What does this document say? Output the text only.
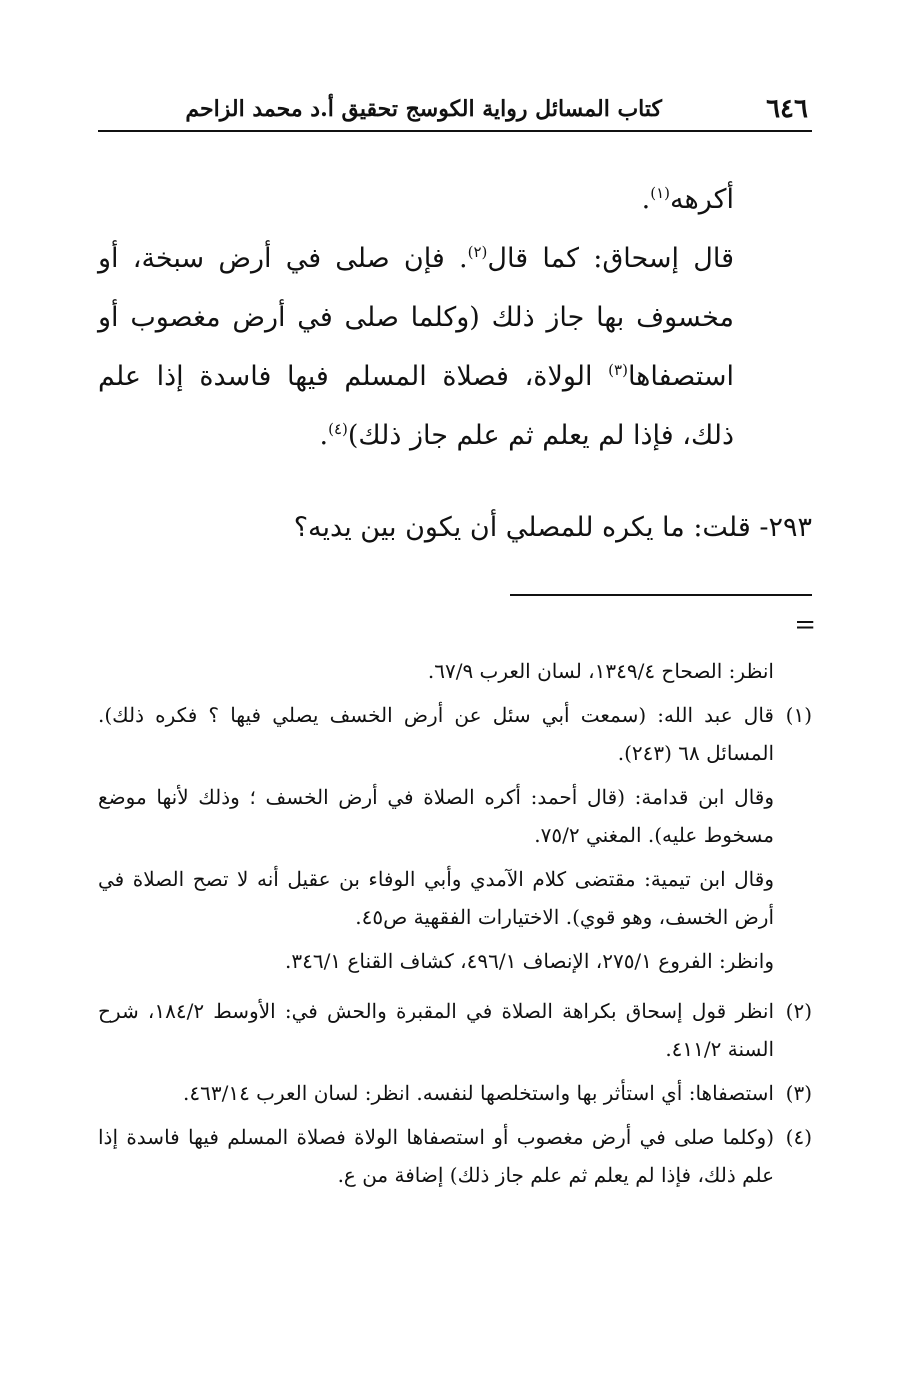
٦٤٦
كتاب المسائل رواية الكوسج تحقيق أ.د محمد الزاحم

أكرهه$^{(١)}$.

قال إسحاق: كما قال$^{(٢)}$. فإن صلى في أرض سبخة، أو مخسوف بها جاز ذلك (وكلما صلى في أرض مغصوب أو استصفاها$^{(٣)}$ الولاة، فصلاة المسلم فيها فاسدة إذا علم ذلك، فإذا لم يعلم ثم علم جاز ذلك)$^{(٤)}$.

٢٩٣- قلت: ما يكره للمصلي أن يكون بين يديه؟
=

انظر: الصحاح ١٣٤٩/٤، لسان العرب ٦٧/٩.

(١)

قال عبد الله: (سمعت أبي سئل عن أرض الخسف يصلي فيها ؟ فكره ذلك). المسائل ٦٨ (٢٤٣).

وقال ابن قدامة: (قال أحمد: أكره الصلاة في أرض الخسف ؛ وذلك لأنها موضع مسخوط عليه). المغني ٧٥/٢.

وقال ابن تيمية: مقتضى كلام الآمدي وأبي الوفاء بن عقيل أنه لا تصح الصلاة في أرض الخسف، وهو قوي). الاختيارات الفقهية ص٤٥.

وانظر: الفروع ٢٧٥/١، الإنصاف ٤٩٦/١، كشاف القناع ٣٤٦/١.

(٢)
انظر قول إسحاق بكراهة الصلاة في المقبرة والحش في: الأوسط ١٨٤/٢، شرح السنة ٤١١/٢.
(٣)
استصفاها: أي استأثر بها واستخلصها لنفسه. انظر: لسان العرب ٤٦٣/١٤.
(٤)
(وكلما صلى في أرض مغصوب أو استصفاها الولاة فصلاة المسلم فيها فاسدة إذا علم ذلك، فإذا لم يعلم ثم علم جاز ذلك) إضافة من ع.
